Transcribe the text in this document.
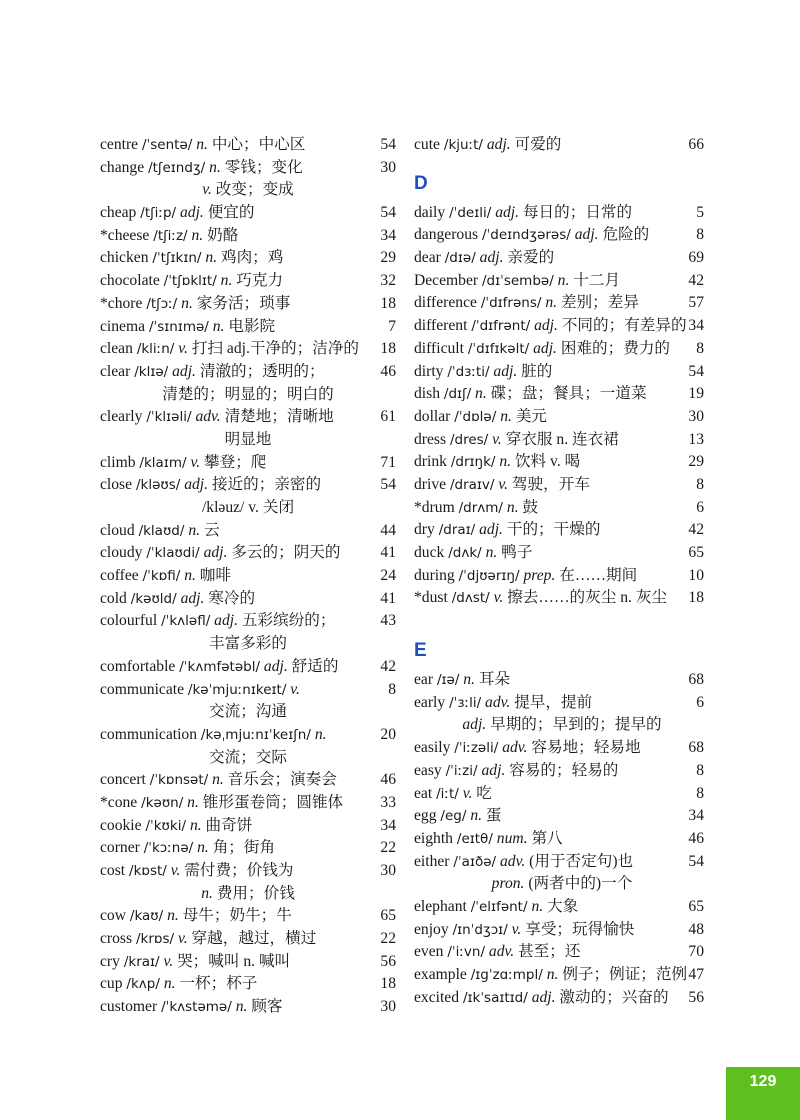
centre /ˈsentə/ n. 中心；中心区	54
change /tʃeɪndʒ/ n. 零钱；变化	30
v. 改变；变成
cheap /tʃiːp/ adj. 便宜的	54
*cheese /tʃiːz/ n. 奶酪	34
chicken /ˈtʃɪkɪn/ n. 鸡肉；鸡	29
chocolate /ˈtʃɒklɪt/ n. 巧克力	32
*chore /tʃɔː/ n. 家务活；琐事	18
cinema /ˈsɪnɪmə/ n. 电影院	7
clean /kliːn/ v. 打扫 adj.干净的；洁净的 18
clear /klɪə/ adj. 清澈的；透明的；	46
清楚的；明显的；明白的
clearly /ˈklɪəli/ adv. 清楚地；清晰地	61
明显地
climb /klaɪm/ v. 攀登；爬	71
close /kləʊs/ adj. 接近的；亲密的	54
/kləuz/ v. 关闭
cloud /klaʊd/ n. 云	44
cloudy /ˈklaʊdi/ adj. 多云的；阴天的	41
coffee /ˈkɒfi/ n. 咖啡	24
cold /kəʊld/ adj. 寒冷的	41
colourful /ˈkʌləfl/ adj. 五彩缤纷的；	43
丰富多彩的
comfortable /ˈkʌmfətəbl/ adj. 舒适的	42
communicate /kəˈmjuːnɪkeɪt/ v.	8
交流；沟通
communication /kəˌmjuːnɪˈkeɪʃn/ n.	20
交流；交际
concert /ˈkɒnsət/ n. 音乐会；演奏会	46
*cone /kəʊn/ n. 锥形蛋卷筒；圆锥体 33
cookie /ˈkʊki/ n. 曲奇饼	34
corner /ˈkɔːnə/ n. 角；街角	22
cost /kɒst/ v. 需付费；价钱为	30
n. 费用；价钱
cow /kaʊ/ n. 母牛；奶牛；牛	65
cross /krɒs/ v. 穿越，越过，横过	22
cry /kraɪ/ v. 哭；喊叫 n. 喊叫	56
cup /kʌp/ n. 一杯；杯子	18
customer /ˈkʌstəmə/ n. 顾客	30
cute /kjuːt/ adj. 可爱的	66
D
daily /ˈdeɪli/ adj. 每日的；日常的	5
dangerous /ˈdeɪndʒərəs/ adj. 危险的	8
dear /dɪə/ adj. 亲爱的	69
December /dɪˈsembə/ n. 十二月	42
difference /ˈdɪfrəns/ n. 差别；差异	57
different /ˈdɪfrənt/ adj. 不同的；有差异的 34
difficult /ˈdɪfɪkəlt/ adj. 困难的；费力的 8
dirty /ˈdɜːti/ adj. 脏的	54
dish /dɪʃ/ n. 碟；盘；餐具；一道菜	19
dollar /ˈdɒlə/ n. 美元	30
dress /dres/ v. 穿衣服 n. 连衣裙	13
drink /drɪŋk/ n. 饮料 v. 喝	29
drive /draɪv/ v. 驾驶，开车	8
*drum /drʌm/ n. 鼓	6
dry /draɪ/ adj. 干的；干燥的	42
duck /dʌk/ n. 鸭子	65
during /ˈdjʊərɪŋ/ prep. 在……期间	10
*dust /dʌst/ v. 擦去……的灰尘 n. 灰尘 18
E
ear /ɪə/ n. 耳朵	68
early /ˈɜːli/ adv. 提早，提前	6
adj. 早期的；早到的；提早的
easily /ˈiːzəli/ adv. 容易地；轻易地	68
easy /ˈiːzi/ adj. 容易的；轻易的	8
eat /iːt/ v. 吃	8
egg /eg/ n. 蛋	34
eighth /eɪtθ/ num. 第八	46
either /ˈaɪðə/ adv. (用于否定句)也	54
pron. (两者中的)一个
elephant /ˈelɪfənt/ n. 大象	65
enjoy /ɪnˈdʒɔɪ/ v. 享受；玩得愉快	48
even /ˈiːvn/ adv. 甚至；还	70
example /ɪgˈzɑːmpl/ n. 例子；例证；范例 47
excited /ɪkˈsaɪtɪd/ adj. 激动的；兴奋的 56
129
